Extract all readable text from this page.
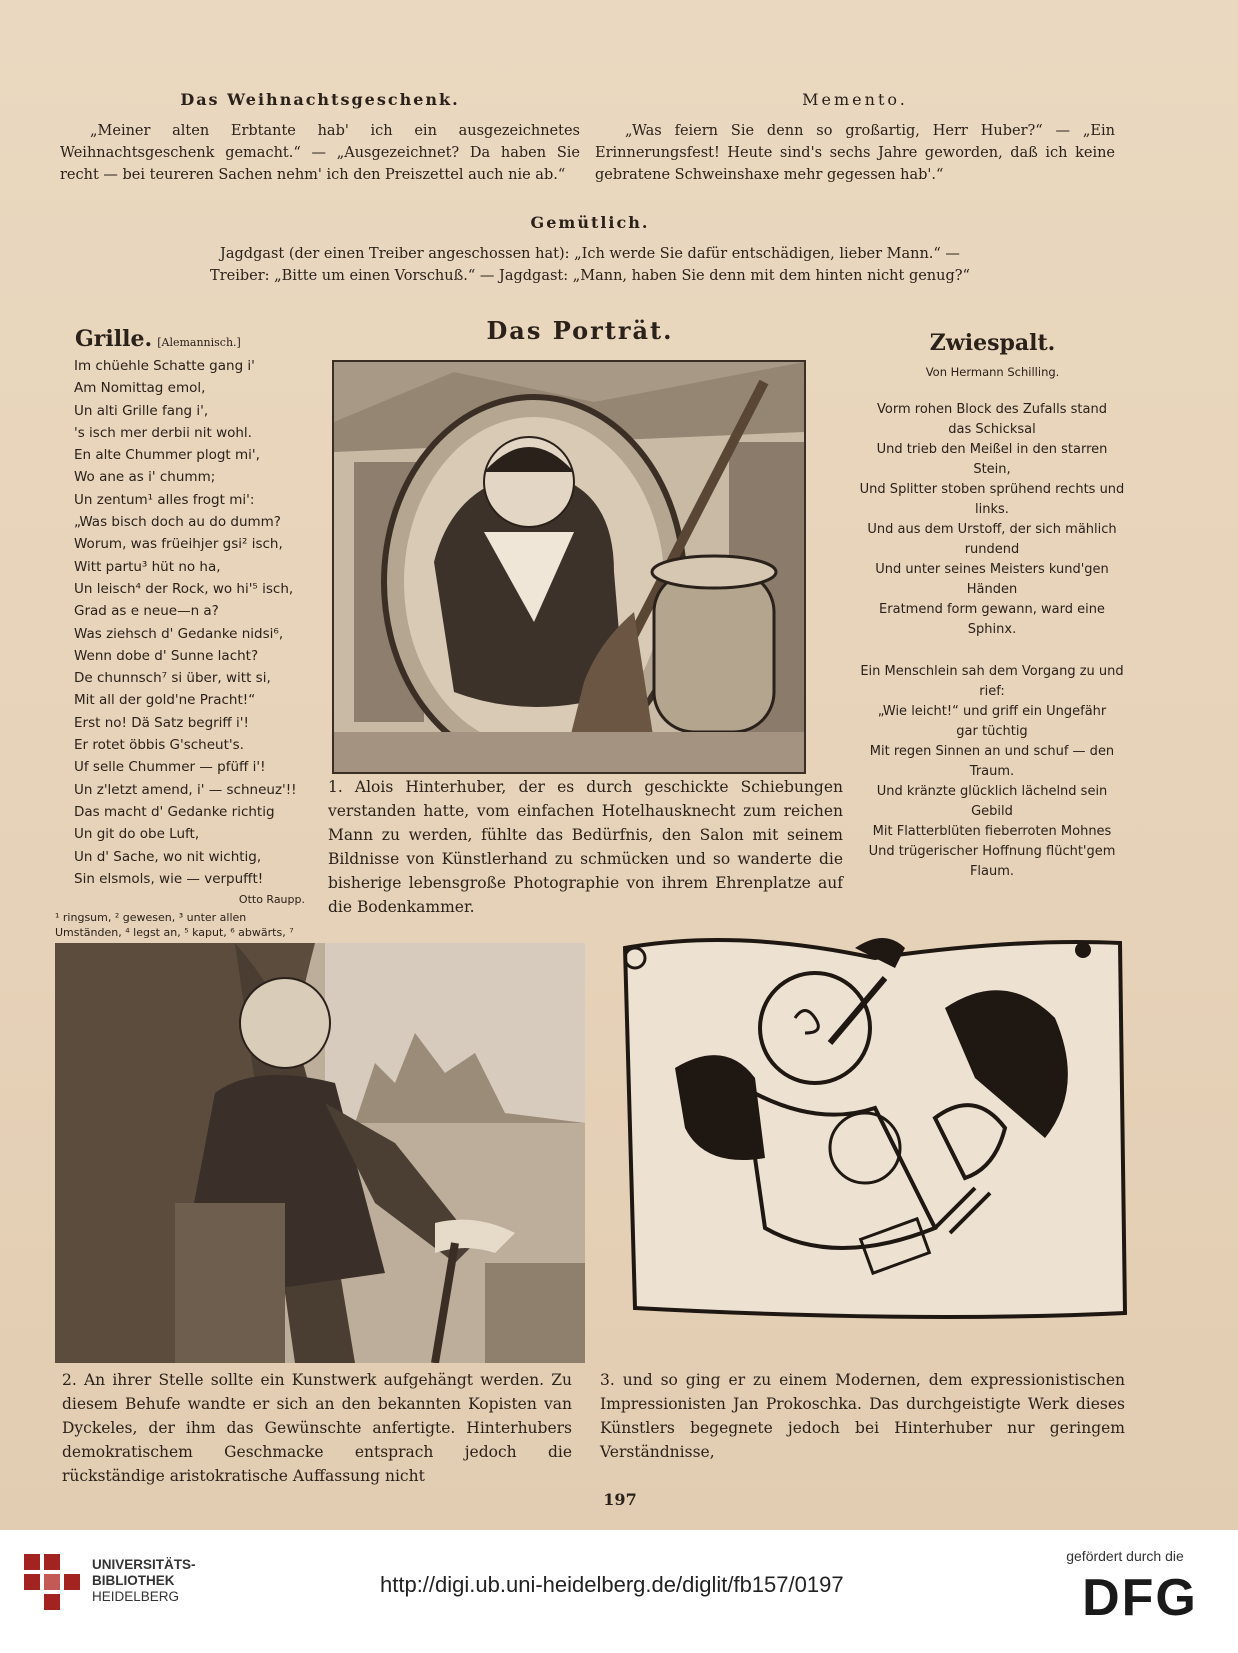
Das Weihnachtsgeschenk.
„Meiner alten Erbtante hab' ich ein ausgezeichnetes Weihnachtsgeschenk gemacht.“ — „Ausgezeichnet? Da haben Sie recht — bei teureren Sachen nehm' ich den Preiszettel auch nie ab.“
Memento.
„Was feiern Sie denn so großartig, Herr Huber?“ — „Ein Erinnerungsfest! Heute sind's sechs Jahre geworden, daß ich keine gebratene Schweinshaxe mehr gegessen hab'.“
Gemütlich.
Jagdgast (der einen Treiber angeschossen hat): „Ich werde Sie dafür entschädigen, lieber Mann.“ —
Treiber: „Bitte um einen Vorschuß.“ — Jagdgast: „Mann, haben Sie denn mit dem hinten nicht genug?“
Grille. [Alemannisch.]
Im chüehle Schatte gang i'
Am Nomittag emol,
Un alti Grille fang i',
's isch mer derbii nit wohl.
En alte Chummer plogt mi',
Wo ane as i' chumm;
Un zentum¹ alles frogt mi':
„Was bisch doch au do dumm?
Worum, was früeihjer gsi² isch,
Witt partu³ hüt no ha,
Un leisch⁴ der Rock, wo hi'⁵ isch,
Grad as e neue—n a?
Was ziehsch d' Gedanke nidsi⁶,
Wenn dobe d' Sunne lacht?
De chunnsch⁷ si über, witt si,
Mit all der gold'ne Pracht!“
Erst no! Dä Satz begriff i'!
Er rotet öbbis G'scheut's.
Uf selle Chummer — pfüff i'!
Un z'letzt amend, i' — schneuz'!!
Das macht d' Gedanke richtig
Un git do obe Luft,
Un d' Sache, wo nit wichtig,
Sin elsmols, wie — verpufft!
Otto Raupp.
¹ ringsum, ² gewesen, ³ unter allen Umständen, ⁴ legst an, ⁵ kaput, ⁶ abwärts, ⁷
Das Porträt.
1. Alois Hinterhuber, der es durch geschickte Schiebungen verstanden hatte, vom einfachen Hotelhausknecht zum reichen Mann zu werden, fühlte das Bedürfnis, den Salon mit seinem Bildnisse von Künstlerhand zu schmücken und so wanderte die bisherige lebensgroße Photographie von ihrem Ehrenplatze auf die Bodenkammer.
Zwiespalt.
Von Hermann Schilling.
Vorm rohen Block des Zufalls stand
das Schicksal
Und trieb den Meißel in den starren
Stein,
Und Splitter stoben sprühend rechts und
links.
Und aus dem Urstoff, der sich mählich
rundend
Und unter seines Meisters kund'gen
Händen
Eratmend form gewann, ward eine
Sphinx.
Ein Menschlein sah dem Vorgang zu und
rief:
„Wie leicht!“ und griff ein Ungefähr
gar tüchtig
Mit regen Sinnen an und schuf — den
Traum.
Und kränzte glücklich lächelnd sein
Gebild
Mit Flatterblüten fieberroten Mohnes
Und trügerischer Hoffnung flücht'gem
Flaum.
2. An ihrer Stelle sollte ein Kunstwerk aufgehängt werden. Zu diesem Behufe wandte er sich an den bekannten Kopisten van Dyckeles, der ihm das Gewünschte anfertigte. Hinterhubers demokratischem Geschmacke entsprach jedoch die rückständige aristokratische Auffassung nicht
3. und so ging er zu einem Modernen, dem expressionistischen Impressionisten Jan Prokoschka. Das durchgeistigte Werk dieses Künstlers begegnete jedoch bei Hinterhuber nur geringem Verständnisse,
197
UNIVERSITÄTS-
BIBLIOTHEK
HEIDELBERG	http://digi.ub.uni-heidelberg.de/diglit/fb157/0197
gefördert durch die
DFG
